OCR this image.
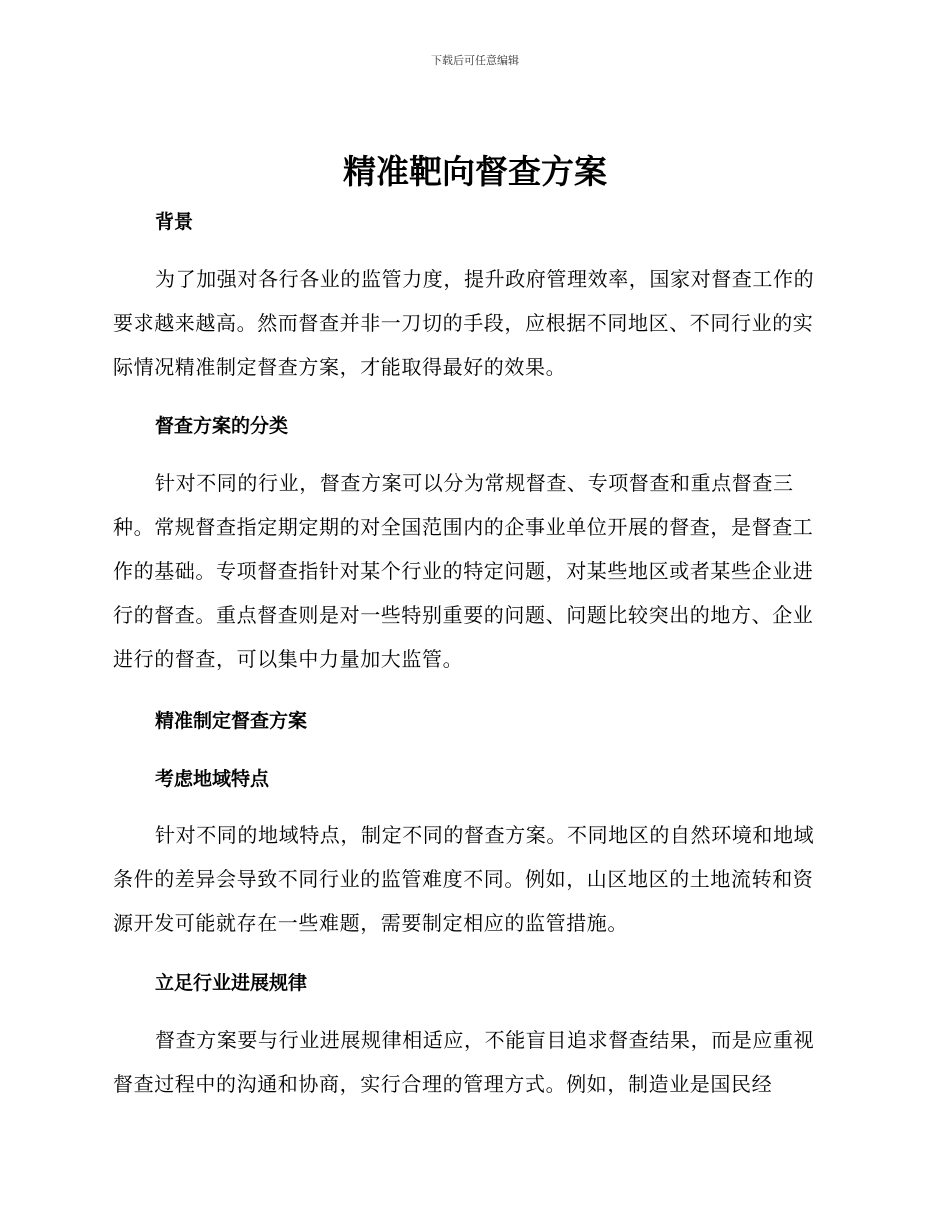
下载后可任意编辑
精准靶向督查方案
背景

为了加强对各行各业的监管力度，提升政府管理效率，国家对督查工作的要求越来越高。然而督查并非一刀切的手段，应根据不同地区、不同行业的实际情况精准制定督查方案，才能取得最好的效果。

督查方案的分类

针对不同的行业，督查方案可以分为常规督查、专项督查和重点督查三种。常规督查指定期定期的对全国范围内的企事业单位开展的督查，是督查工作的基础。专项督查指针对某个行业的特定问题，对某些地区或者某些企业进行的督查。重点督查则是对一些特别重要的问题、问题比较突出的地方、企业进行的督查，可以集中力量加大监管。

精准制定督查方案
考虑地域特点

针对不同的地域特点，制定不同的督查方案。不同地区的自然环境和地域条件的差异会导致不同行业的监管难度不同。例如，山区地区的土地流转和资源开发可能就存在一些难题，需要制定相应的监管措施。

立足行业进展规律

督查方案要与行业进展规律相适应，不能盲目追求督查结果，而是应重视督查过程中的沟通和协商，实行合理的管理方式。例如，制造业是国民经
